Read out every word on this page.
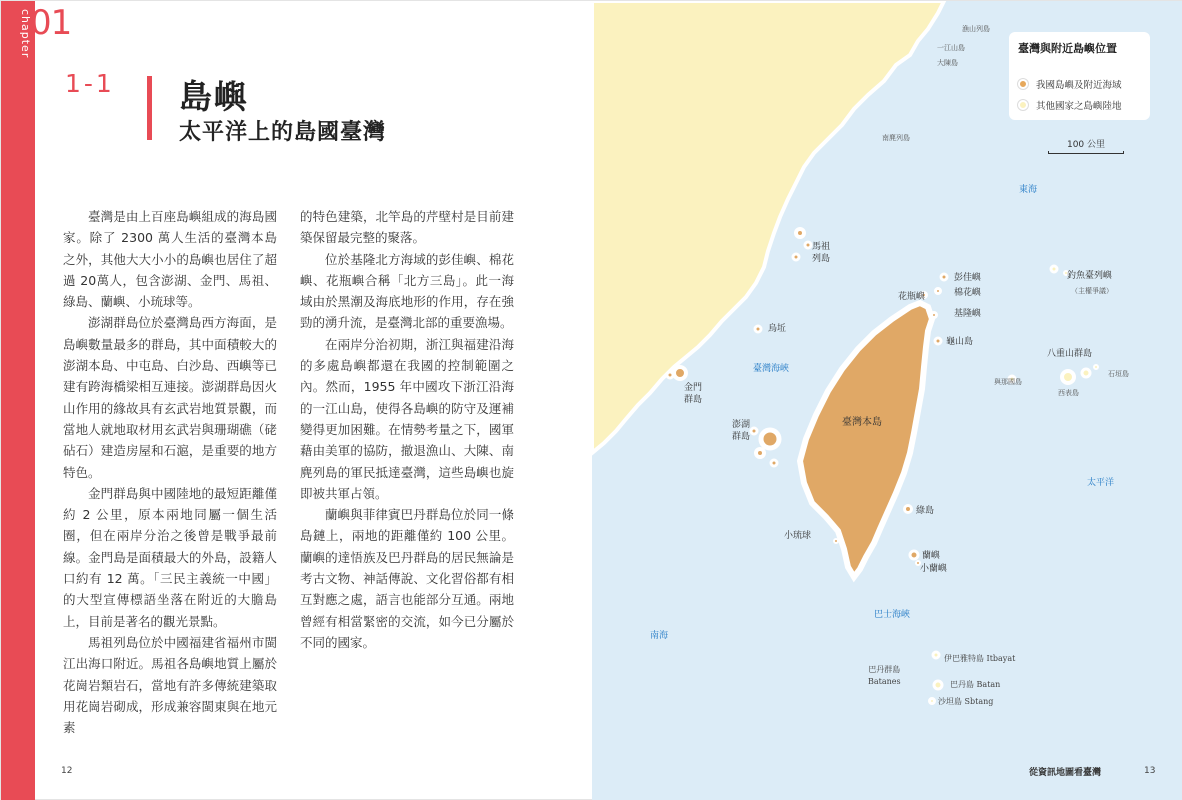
chapter
01
1-1 島嶼
太平洋上的島國臺灣

臺灣是由上百座島嶼組成的海島國家。除了 2300 萬人生活的臺灣本島之外，其他大大小小的島嶼也居住了超過 20萬人，包含澎湖、金門、馬祖、綠島、蘭嶼、小琉球等。

澎湖群島位於臺灣島西方海面，是島嶼數量最多的群島，其中面積較大的澎湖本島、中屯島、白沙島、西嶼等已建有跨海橋梁相互連接。澎湖群島因火山作用的緣故具有玄武岩地質景觀，而當地人就地取材用玄武岩與珊瑚礁（硓砧石）建造房屋和石滬，是重要的地方特色。

金門群島與中國陸地的最短距離僅約 2 公里，原本兩地同屬一個生活圈，但在兩岸分治之後曾是戰爭最前線。金門島是面積最大的外島，設籍人口約有 12 萬。「三民主義統一中國」的大型宣傳標語坐落在附近的大膽島上，目前是著名的觀光景點。

馬祖列島位於中國福建省福州市閩江出海口附近。馬祖各島嶼地質上屬於花崗岩類岩石，當地有許多傳統建築取用花崗岩砌成，形成兼容閩東與在地元素

的特色建築，北竿島的芹壁村是目前建築保留最完整的聚落。

位於基隆北方海域的彭佳嶼、棉花嶼、花瓶嶼合稱「北方三島」。此一海域由於黑潮及海底地形的作用，存在強勁的湧升流，是臺灣北部的重要漁場。

在兩岸分治初期，浙江與福建沿海的多處島嶼都還在我國的控制範圍之內。然而，1955 年中國攻下浙江沿海的一江山島，使得各島嶼的防守及運補變得更加困難。在情勢考量之下，國軍藉由美軍的協防，撤退漁山、大陳、南麂列島的軍民抵達臺灣，這些島嶼也旋即被共軍占領。

蘭嶼與菲律賓巴丹群島位於同一條島鏈上，兩地的距離僅約 100 公里。蘭嶼的達悟族及巴丹群島的居民無論是考古文物、神話傳說、文化習俗都有相互對應之處，語言也能部分互通。兩地曾經有相當緊密的交流，如今已分屬於不同的國家。

12
漁山列島
一江山島
大陳島
南麂列島
東海
馬祖
列島
彭佳嶼
棉花嶼
花瓶嶼
基隆嶼
釣魚臺列嶼
（主權爭議）
烏坵
龜山島
八重山群島
與那國島
西表島
石垣島
臺灣海峽
金門
群島
澎湖
群島
臺灣本島
太平洋
綠島
小琉球
蘭嶼
小蘭嶼
巴士海峽
南海
巴丹群島
Batanes
伊巴雅特島 Itbayat
巴丹島 Batan
沙坦島 Sbtang
臺灣與附近島嶼位置
我國島嶼及附近海域
其他國家之島嶼陸地
100 公里
從資訊地圖看臺灣	13
